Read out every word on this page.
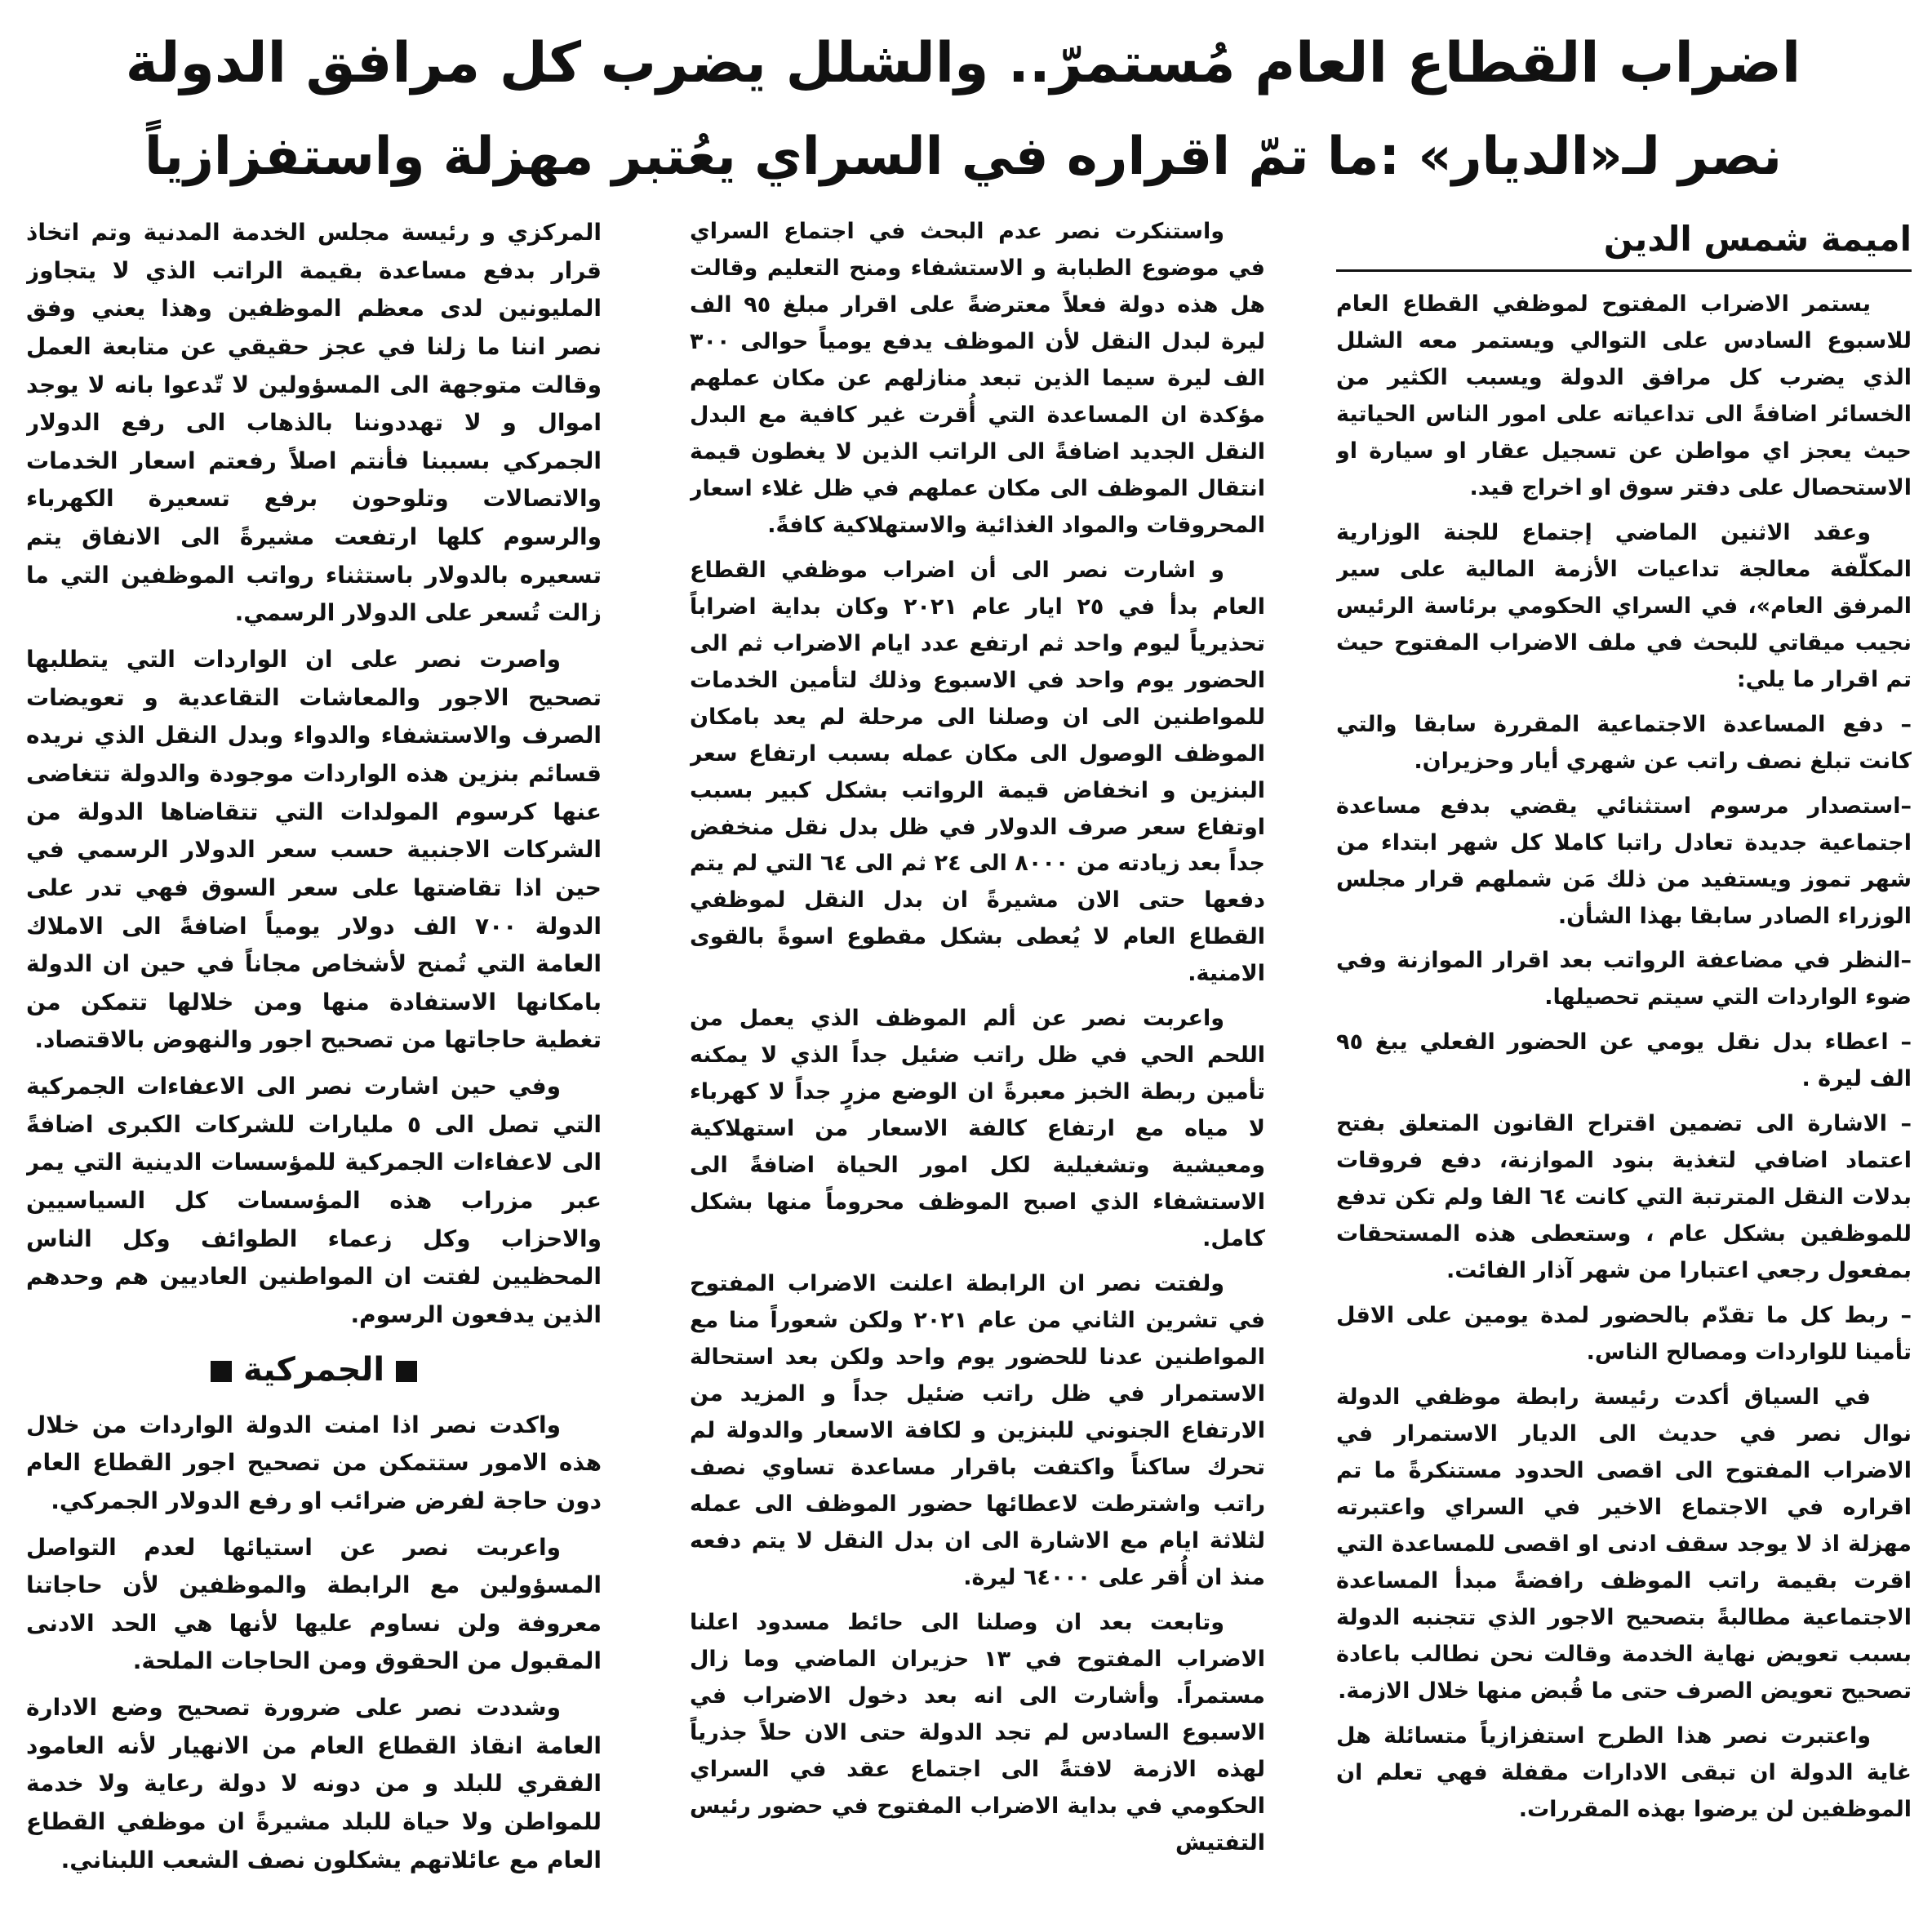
اضراب القطاع العام مُستمرّ.. والشلل يضرب كل مرافق الدولة
نصر لـ«الديار» :ما تمّ اقراره في السراي يعُتبر مهزلة واستفزازياً
اميمة شمس الدين

يستمر الاضراب المفتوح لموظفي القطاع العام للاسبوع السادس على التوالي ويستمر معه الشلل الذي يضرب كل مرافق الدولة ويسبب الكثير من الخسائر اضافةً الى تداعياته على امور الناس الحياتية حيث يعجز اي مواطن عن تسجيل عقار او سيارة او الاستحصال على دفتر سوق او اخراج قيد.

وعقد الاثنين الماضي إجتماع للجنة الوزارية المكلّفة معالجة تداعيات الأزمة المالية على سير المرفق العام»، في السراي الحكومي برئاسة الرئيس نجيب ميقاتي للبحث في ملف الاضراب المفتوح حيث تم اقرار ما يلي:

– دفع المساعدة الاجتماعية المقررة سابقا والتي كانت تبلغ نصف راتب عن شهري أيار وحزيران.

–استصدار مرسوم استثنائي يقضي بدفع مساعدة اجتماعية جديدة تعادل راتبا كاملا كل شهر ابتداء من شهر تموز ويستفيد من ذلك مَن شملهم قرار مجلس الوزراء الصادر سابقا بهذا الشأن.

–النظر في مضاعفة الرواتب بعد اقرار الموازنة وفي ضوء الواردات التي سيتم تحصيلها.

– اعطاء بدل نقل يومي عن الحضور الفعلي يبغ ٩٥ الف ليرة .

– الاشارة الى تضمين اقتراح القانون المتعلق بفتح اعتماد اضافي لتغذية بنود الموازنة، دفع فروقات بدلات النقل المترتبة التي كانت ٦٤ الفا ولم تكن تدفع للموظفين بشكل عام ، وستعطى هذه المستحقات بمفعول رجعي اعتبارا من شهر آذار الفائت.

– ربط كل ما تقدّم بالحضور لمدة يومين على الاقل تأمينا للواردات ومصالح الناس.

في السياق أكدت رئيسة رابطة موظفي الدولة نوال نصر في حديث الى الديار الاستمرار في الاضراب المفتوح الى اقصى الحدود مستنكرةً ما تم اقراره في الاجتماع الاخير في السراي واعتبرته مهزلة اذ لا يوجد سقف ادنى او اقصى للمساعدة التي اقرت بقيمة راتب الموظف رافضةً مبدأ المساعدة الاجتماعية مطالبةً بتصحيح الاجور الذي تتجنبه الدولة بسبب تعويض نهاية الخدمة وقالت نحن نطالب باعادة تصحيح تعويض الصرف حتى ما قُبض منها خلال الازمة.

واعتبرت نصر هذا الطرح استفزازياً متسائلة هل غاية الدولة ان تبقى الادارات مقفلة فهي تعلم ان الموظفين لن يرضوا بهذه المقررات.

واستنكرت نصر عدم البحث في اجتماع السراي في موضوع الطبابة و الاستشفاء ومنح التعليم وقالت هل هذه دولة فعلاً معترضةً على اقرار مبلغ ٩٥ الف ليرة لبدل النقل لأن الموظف يدفع يومياً حوالى ٣٠٠ الف ليرة سيما الذين تبعد منازلهم عن مكان عملهم مؤكدة ان المساعدة التي أُقرت غير كافية مع البدل النقل الجديد اضافةً الى الراتب الذين لا يغطون قيمة انتقال الموظف الى مكان عملهم في ظل غلاء اسعار المحروقات والمواد الغذائية والاستهلاكية كافةً.

و اشارت نصر الى أن اضراب موظفي القطاع العام بدأ في ٢٥ ايار عام ٢٠٢١ وكان بداية اضراباً تحذيرياً ليوم واحد ثم ارتفع عدد ايام الاضراب ثم الى الحضور يوم واحد في الاسبوع وذلك لتأمين الخدمات للمواطنين الى ان وصلنا الى مرحلة لم يعد بامكان الموظف الوصول الى مكان عمله بسبب ارتفاع سعر البنزين و انخفاض قيمة الرواتب بشكل كبير بسبب اوتفاع سعر صرف الدولار في ظل بدل نقل منخفض جداً بعد زيادته من ٨٠٠٠ الى ٢٤ ثم الى ٦٤ التي لم يتم دفعها حتى الان مشيرةً ان بدل النقل لموظفي القطاع العام لا يُعطى بشكل مقطوع اسوةً بالقوى الامنية.

واعربت نصر عن ألم الموظف الذي يعمل من اللحم الحي في ظل راتب ضئيل جداً الذي لا يمكنه تأمين ربطة الخبز معبرةً ان الوضع مزرٍ جداً لا كهرباء لا مياه مع ارتفاع كالفة الاسعار من استهلاكية ومعيشية وتشغيلية لكل امور الحياة اضافةً الى الاستشفاء الذي اصبح الموظف محروماً منها بشكل كامل.

ولفتت نصر ان الرابطة اعلنت الاضراب المفتوح في تشرين الثاني من عام ٢٠٢١ ولكن شعوراً منا مع المواطنين عدنا للحضور يوم واحد ولكن بعد استحالة الاستمرار في ظل راتب ضئيل جداً و المزيد من الارتفاع الجنوني للبنزين و لكافة الاسعار والدولة لم تحرك ساكناً واكتفت باقرار مساعدة تساوي نصف راتب واشترطت لاعطائها حضور الموظف الى عمله لثلاثة ايام مع الاشارة الى ان بدل النقل لا يتم دفعه منذ ان أُقر على ٦٤٠٠٠ ليرة.

وتابعت بعد ان وصلنا الى حائط مسدود اعلنا الاضراب المفتوح في ١٣ حزيران الماضي وما زال مستمراً. وأشارت الى انه بعد دخول الاضراب في الاسبوع السادس لم تجد الدولة حتى الان حلاً جذرياً لهذه الازمة لافتةً الى اجتماع عقد في السراي الحكومي في بداية الاضراب المفتوح في حضور رئيس التفتيش

المركزي و رئيسة مجلس الخدمة المدنية وتم اتخاذ قرار بدفع مساعدة بقيمة الراتب الذي لا يتجاوز المليونين لدى معظم الموظفين وهذا يعني وفق نصر اننا ما زلنا في عجز حقيقي عن متابعة العمل وقالت متوجهة الى المسؤولين لا تّدعوا بانه لا يوجد اموال و لا تهددوننا بالذهاب الى رفع الدولار الجمركي بسببنا فأنتم اصلاً رفعتم اسعار الخدمات والاتصالات وتلوحون برفع تسعيرة الكهرباء والرسوم كلها ارتفعت مشيرةً الى الانفاق يتم تسعيره بالدولار باستثناء رواتب الموظفين التي ما زالت تُسعر على الدولار الرسمي.

واصرت نصر على ان الواردات التي يتطلبها تصحيح الاجور والمعاشات التقاعدية و تعويضات الصرف والاستشفاء والدواء وبدل النقل الذي نريده قسائم بنزين هذه الواردات موجودة والدولة تتغاضى عنها كرسوم المولدات التي تتقاضاها الدولة من الشركات الاجنبية حسب سعر الدولار الرسمي في حين اذا تقاضتها على سعر السوق فهي تدر على الدولة ٧٠٠ الف دولار يومياً اضافةً الى الاملاك العامة التي تُمنح لأشخاص مجاناً في حين ان الدولة بامكانها الاستفادة منها ومن خلالها تتمكن من تغطية حاجاتها من تصحيح اجور والنهوض بالاقتصاد.

وفي حين اشارت نصر الى الاعفاءات الجمركية التي تصل الى ٥ مليارات للشركات الكبرى اضافةً الى لاعفاءات الجمركية للمؤسسات الدينية التي يمر عبر مزراب هذه المؤسسات كل السياسيين والاحزاب وكل زعماء الطوائف وكل الناس المحظيين لفتت ان المواطنين العاديين هم وحدهم الذين يدفعون الرسوم.

الجمركية

واكدت نصر اذا امنت الدولة الواردات من خلال هذه الامور ستتمكن من تصحيح اجور القطاع العام دون حاجة لفرض ضرائب او رفع الدولار الجمركي.

واعربت نصر عن استيائها لعدم التواصل المسؤولين مع الرابطة والموظفين لأن حاجاتنا معروفة ولن نساوم عليها لأنها هي الحد الادنى المقبول من الحقوق ومن الحاجات الملحة.

وشددت نصر على ضرورة تصحيح وضع الادارة العامة انقاذ القطاع العام من الانهيار لأنه العامود الفقري للبلد و من دونه لا دولة رعاية ولا خدمة للمواطن ولا حياة للبلد مشيرةً ان موظفي القطاع العام مع عائلاتهم يشكلون نصف الشعب اللبناني.
